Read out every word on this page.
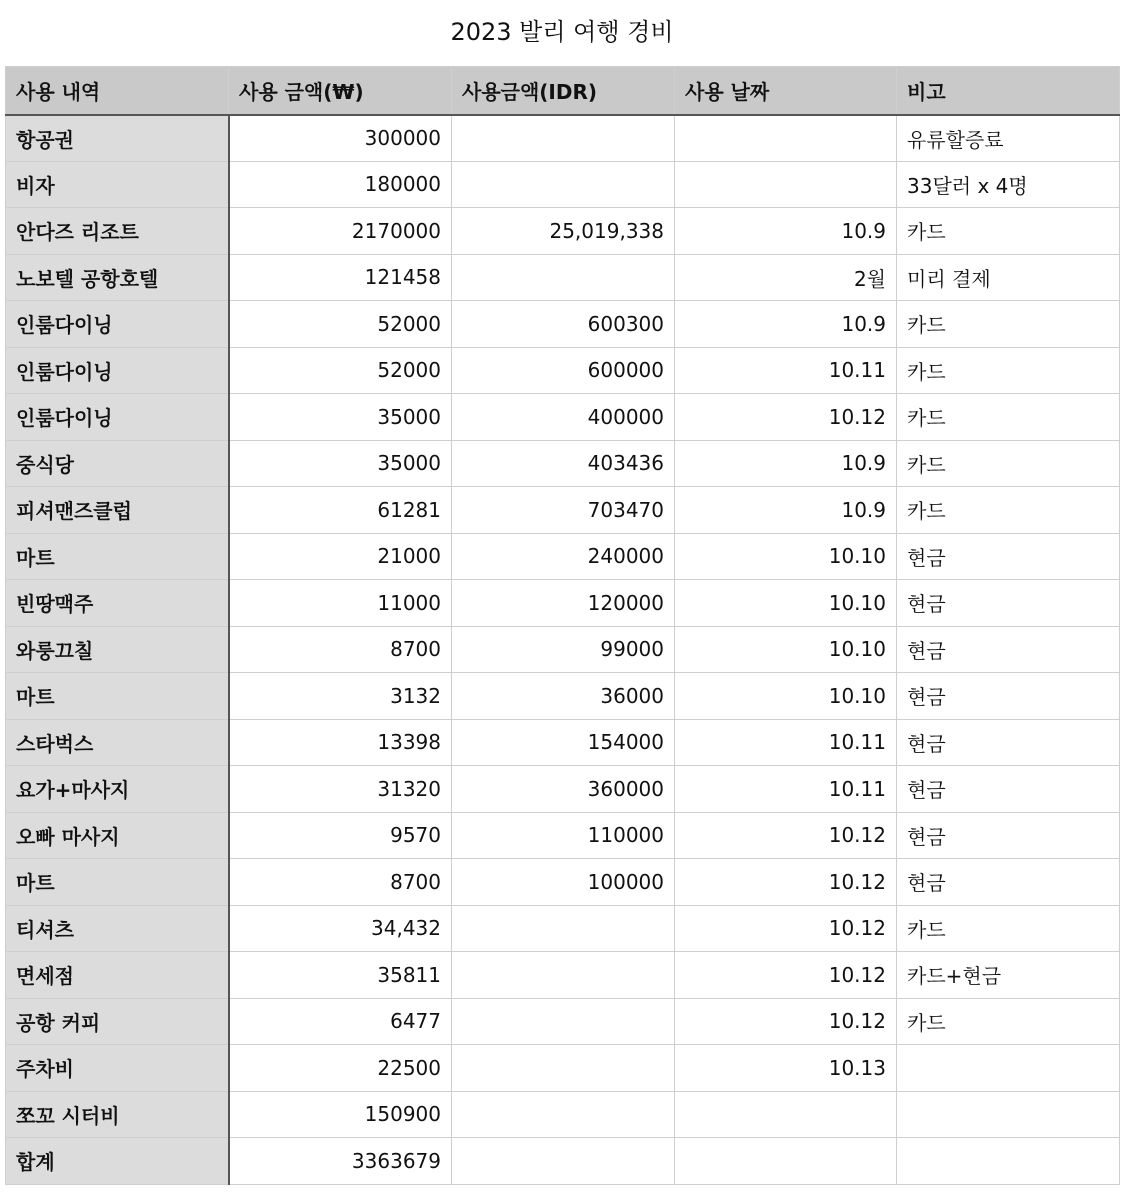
2023 발리 여행 경비
사용 내역	사용 금액(₩)	사용금액(IDR)	사용 날짜	비고
항공권	300000			유류할증료
비자	180000			33달러 x 4명
안다즈 리조트	2170000	25,019,338	10.9	카드
노보텔 공항호텔	121458		2월	미리 결제
인룸다이닝	52000	600300	10.9	카드
인룸다이닝	52000	600000	10.11	카드
인룸다이닝	35000	400000	10.12	카드
중식당	35000	403436	10.9	카드
피셔맨즈클럽	61281	703470	10.9	카드
마트	21000	240000	10.10	현금
빈땅맥주	11000	120000	10.10	현금
와룽끄칠	8700	99000	10.10	현금
마트	3132	36000	10.10	현금
스타벅스	13398	154000	10.11	현금
요가+마사지	31320	360000	10.11	현금
오빠 마사지	9570	110000	10.12	현금
마트	8700	100000	10.12	현금
티셔츠	34,432		10.12	카드
면세점	35811		10.12	카드+현금
공항 커피	6477		10.12	카드
주차비	22500		10.13	
쪼꼬 시터비	150900			
합계	3363679			
